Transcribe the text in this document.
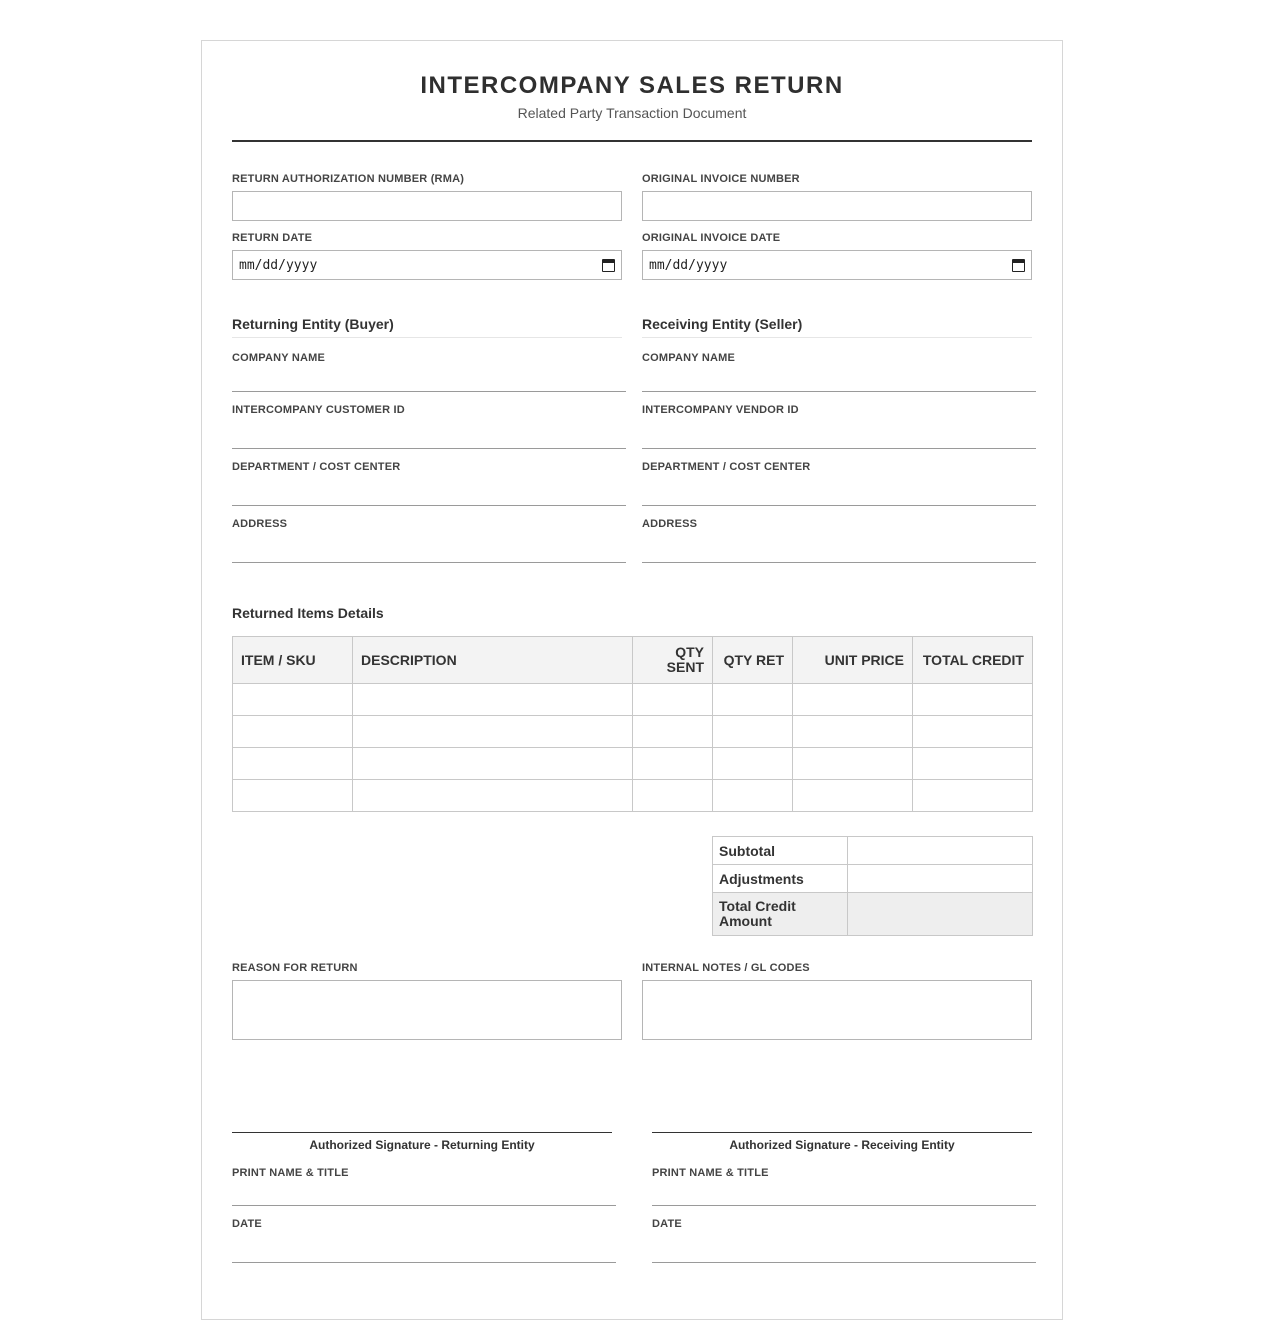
INTERCOMPANY SALES RETURN
Related Party Transaction Document
RETURN AUTHORIZATION NUMBER (RMA)	ORIGINAL INVOICE NUMBER
RETURN DATE
mm/dd/yyyy
ORIGINAL INVOICE DATE
mm/dd/yyyy
Returning Entity (Buyer)
COMPANY NAME
INTERCOMPANY CUSTOMER ID
DEPARTMENT / COST CENTER
ADDRESS
Receiving Entity (Seller)
COMPANY NAME
INTERCOMPANY VENDOR ID
DEPARTMENT / COST CENTER
ADDRESS
Returned Items Details
ITEM / SKU	DESCRIPTION	QTY SENT	QTY RET	UNIT PRICE	TOTAL CREDIT

Subtotal	
Adjustments	
Total Credit Amount	
REASON FOR RETURN	INTERNAL NOTES / GL CODES
Authorized Signature - Returning Entity
PRINT NAME & TITLE
DATE
Authorized Signature - Receiving Entity
PRINT NAME & TITLE
DATE
